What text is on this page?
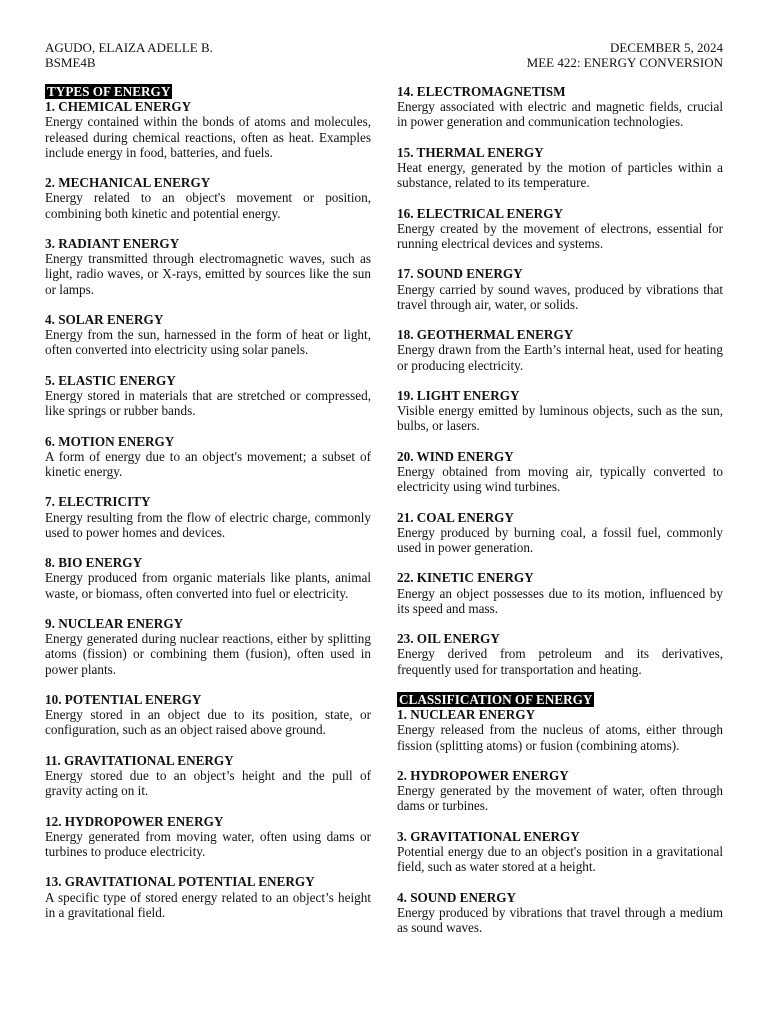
AGUDO, ELAIZA ADELLE B.
BSME4B
DECEMBER 5, 2024
MEE 422: ENERGY CONVERSION
TYPES OF ENERGY
1. CHEMICAL ENERGY
Energy contained within the bonds of atoms and molecules, released during chemical reactions, often as heat. Examples include energy in food, batteries, and fuels.
2. MECHANICAL ENERGY
Energy related to an object's movement or position, combining both kinetic and potential energy.
3. RADIANT ENERGY
Energy transmitted through electromagnetic waves, such as light, radio waves, or X-rays, emitted by sources like the sun or lamps.
4. SOLAR ENERGY
Energy from the sun, harnessed in the form of heat or light, often converted into electricity using solar panels.
5. ELASTIC ENERGY
Energy stored in materials that are stretched or compressed, like springs or rubber bands.
6. MOTION ENERGY
A form of energy due to an object's movement; a subset of kinetic energy.
7. ELECTRICITY
Energy resulting from the flow of electric charge, commonly used to power homes and devices.
8. BIO ENERGY
Energy produced from organic materials like plants, animal waste, or biomass, often converted into fuel or electricity.
9. NUCLEAR ENERGY
Energy generated during nuclear reactions, either by splitting atoms (fission) or combining them (fusion), often used in power plants.
10. POTENTIAL ENERGY
Energy stored in an object due to its position, state, or configuration, such as an object raised above ground.
11. GRAVITATIONAL ENERGY
Energy stored due to an object’s height and the pull of gravity acting on it.
12. HYDROPOWER ENERGY
Energy generated from moving water, often using dams or turbines to produce electricity.
13. GRAVITATIONAL POTENTIAL ENERGY
A specific type of stored energy related to an object’s height in a gravitational field.
14. ELECTROMAGNETISM
Energy associated with electric and magnetic fields, crucial in power generation and communication technologies.
15. THERMAL ENERGY
Heat energy, generated by the motion of particles within a substance, related to its temperature.
16. ELECTRICAL ENERGY
Energy created by the movement of electrons, essential for running electrical devices and systems.
17. SOUND ENERGY
Energy carried by sound waves, produced by vibrations that travel through air, water, or solids.
18. GEOTHERMAL ENERGY
Energy drawn from the Earth’s internal heat, used for heating or producing electricity.
19. LIGHT ENERGY
Visible energy emitted by luminous objects, such as the sun, bulbs, or lasers.
20. WIND ENERGY
Energy obtained from moving air, typically converted to electricity using wind turbines.
21. COAL ENERGY
Energy produced by burning coal, a fossil fuel, commonly used in power generation.
22. KINETIC ENERGY
Energy an object possesses due to its motion, influenced by its speed and mass.
23. OIL ENERGY
Energy derived from petroleum and its derivatives, frequently used for transportation and heating.
CLASSIFICATION OF ENERGY
1. NUCLEAR ENERGY
Energy released from the nucleus of atoms, either through fission (splitting atoms) or fusion (combining atoms).
2. HYDROPOWER ENERGY
Energy generated by the movement of water, often through dams or turbines.
3. GRAVITATIONAL ENERGY
Potential energy due to an object's position in a gravitational field, such as water stored at a height.
4. SOUND ENERGY
Energy produced by vibrations that travel through a medium as sound waves.
